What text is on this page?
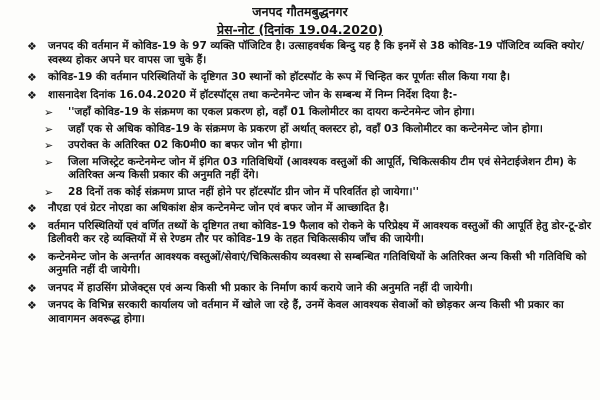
जनपद गौतमबुद्धनगर
प्रेस-नोट (दिनांक 19.04.2020)
❖ जनपद की वर्तमान में कोविड-19 के 97 व्यक्ति पॉजिटिव है। उत्साहवर्धक बिन्दु यह है कि इनमें से 38 कोविड-19 पॉजिटिव व्यक्ति क्योर/स्वस्थ्य होकर अपने घर वापस जा चुके हैं।
❖ कोविड-19 की वर्तमान परिस्थितियों के दृष्टिगत 30 स्थानों को हॉटस्पॉट के रूप में चिन्हित कर पूर्णतः सील किया गया है।
❖ शासनादेश दिनांक 16.04.2020 में हॉटस्पॉट्स तथा कन्टेनमेन्ट जोन के सम्बन्ध में निम्न निर्देश दिया है:-
➢ ''जहाँ कोविड-19 के संक्रमण का एकल प्रकरण हो, वहाँ 01 किलोमीटर का दायरा कन्टेनमेन्ट जोन होगा।
➢ जहाँ एक से अधिक कोविड-19 के संक्रमण के प्रकरण हों अर्थात् क्लस्टर हो, वहाँ 03 किलोमीटर का कन्टेनमेन्ट जोन होगा।
➢ उपरोक्त के अतिरिक्त 02 कि0मी0 का बफर जोन भी होगा।
➢ जिला मजिस्ट्रेट कन्टेनमेन्ट जोन में इंगित 03 गतिविधियों (आवश्यक वस्तुओं की आपूर्ति, चिकित्सकीय टीम एवं सेनेटाईजेशन टीम) के अतिरिक्त अन्य किसी प्रकार की अनुमति नहीं देंगे।
➢ 28 दिनों तक कोई संक्रमण प्राप्त नहीं होने पर हॉटस्पॉट ग्रीन जोन में परिवर्तित हो जायेगा।''
❖ नौएडा एवं ग्रेटर नोएडा का अधिकांश क्षेत्र कन्टेनमेन्ट जोन एवं बफर जोन में आच्छादित है।
❖ वर्तमान परिस्थितियों एवं वर्णित तथ्यों के दृष्टिगत तथा कोविड-19 फैलाव को रोकने के परिप्रेक्ष्य में आवश्यक वस्तुओं की आपूर्ति हेतु डोर-टू-डोर डिलीवरी कर रहे व्यक्तियों में से रेण्डम तौर पर कोविड-19 के तहत चिकित्सकीय जाँच की जायेगी।
❖ कन्टेनमेन्ट जोन के अन्तर्गत आवश्यक वस्तुओं/सेवाएं/चिकित्सकीय व्यवस्था से सम्बन्धित गतिविधियों के अतिरिक्त अन्य किसी भी गतिविधि को अनुमति नहीं दी जायेगी।
❖ जनपद में हाउसिंग प्रोजेक्ट्स एवं अन्य किसी भी प्रकार के निर्माण कार्य कराये जाने की अनुमति नहीं दी जायेगी।
❖ जनपद के विभिन्न सरकारी कार्यालय जो वर्तमान में खोले जा रहे हैं, उनमें केवल आवश्यक सेवाओं को छोड़कर अन्य किसी भी प्रकार का आवागमन अवरूद्ध होगा।
